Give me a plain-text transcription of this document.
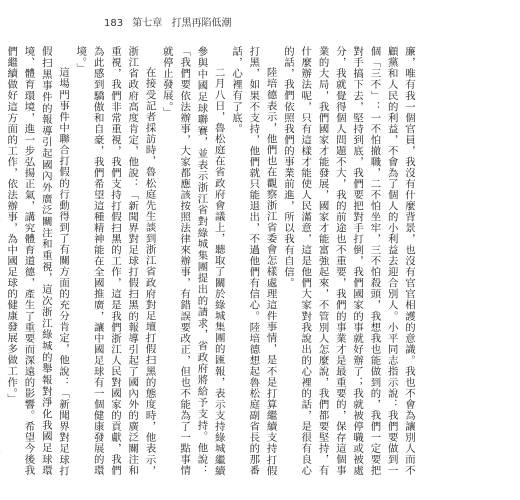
183 第七章 打黑再陷低潮

廉，唯有我一個官員，我沒有什麼背景，也沒有官官相護的意識。我也不會為讓別人而不顧黨和人民的利益，不會為了個人的小利益去迎合別人。小平同志指示說：我們要做到一個「三不」：一不怕撤職，二不怕坐牢，三不怕殺頭，我想我也能做到的，我們一定要把對手搞下去，堅持到底，我們要把對手打倒，我們國家的事就好辦了；我就被停職或被處分，我就覺得個人問題不大，我的前途也不重要，我們的事業才是最重要的，保存這個事業的大局，我們國家才能發展，國家才能富強起來，不管別人怎麼說，我們都要堅持，有什麼辦法呢，只有這樣才能使人民滿意，這是他們大家對我說出的心裡的話，是很有良心的話，我們依照我們的事業前進，所以我有自信。

陸培德表示，他們也在觀察浙江省委會怎樣處理這件事情，是不是打算繼續支持打假打黑，如果不支持，他們就只能退出，不過他們有信心。陸培德想起魯松庭副省長的那番話，心裡有了底。

二月八日，魯松庭在省政府會議上，聽取了關於綠城集團的匯報，表示支持綠城繼續參與中國足球聯賽，並表示浙江省對綠城集團提出的請求，省政府將給予支持。他說：「我們要依法辦事，大家都應該按照法律來辦事，有錯誤要改正，但也不能為了一點事情就停止發展。」

在接受記者採訪時，魯松庭先生談到浙江省政府對足壇打假扫黑的態度時，他表示，浙江省政府高度肯定，他說：「新聞界對足球打假扫黑的報導引起了國內外的廣泛關注和重視，我們非常重視，我們支持打假扫黑的工作，這是我們浙江人民對國家的貢獻，我們為此感到驕傲和自豪，我們希望這種精神能在全國推廣，讓中國足球有一個健康發展的環境。」

這場門事件中聯合打假的行動得到了有關方面的充分肯定，他說：「新聞界對足球打假扫黑事件的報導引起國內外廣泛關注和重視，這次浙江綠城的舉報對淨化我國足球環境、體育環境，進一步弘揚正氣，講究體育道德，產生了重要而深遠的影響。希望今後我們繼續做好這方面的工作，依法辦事，為中國足球的健康發展多做工作。」
